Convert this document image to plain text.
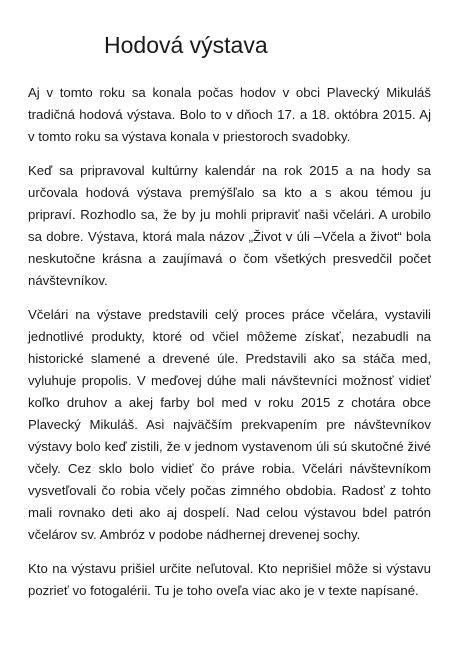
Hodová výstava

Aj v tomto roku sa konala počas hodov v obci Plavecký Mikuláš tradičná hodová výstava. Bolo to v dňoch 17. a 18. októbra 2015. Aj v tomto roku sa výstava konala v priestoroch svadobky.

Keď sa pripravoval kultúrny kalendár na rok 2015 a na hody sa určovala hodová výstava premýšľalo sa kto a s akou témou ju pripraví. Rozhodlo sa, že by ju mohli pripraviť naši včelári. A urobilo sa dobre. Výstava, ktorá mala názov „Život v úli –Včela a život“ bola neskutočne krásna a zaujímavá o čom všetkých presvedčil počet návštevníkov.

Včelári na výstave predstavili celý proces práce včelára, vystavili jednotlivé produkty, ktoré od včiel môžeme získať, nezabudli na historické slamené a drevené úle. Predstavili ako sa stáča med, vyluhuje propolis. V meďovej dúhe mali návštevníci možnosť vidieť koľko druhov a akej farby bol med v roku 2015 z chotára obce Plavecký Mikuláš. Asi najväčším prekvapením pre návštevníkov výstavy bolo keď zistili, že v jednom vystavenom úli sú skutočné živé včely. Cez sklo bolo vidieť čo práve robia. Včelári návštevníkom vysvetľovali čo robia včely počas zimného obdobia. Radosť z tohto mali rovnako deti ako aj dospelí. Nad celou výstavou bdel patrón včelárov sv. Ambróz v podobe nádhernej drevenej sochy.

Kto na výstavu prišiel určite neľutoval. Kto neprišiel môže si výstavu pozrieť vo fotogalérii. Tu je toho oveľa viac ako je v texte napísané.
